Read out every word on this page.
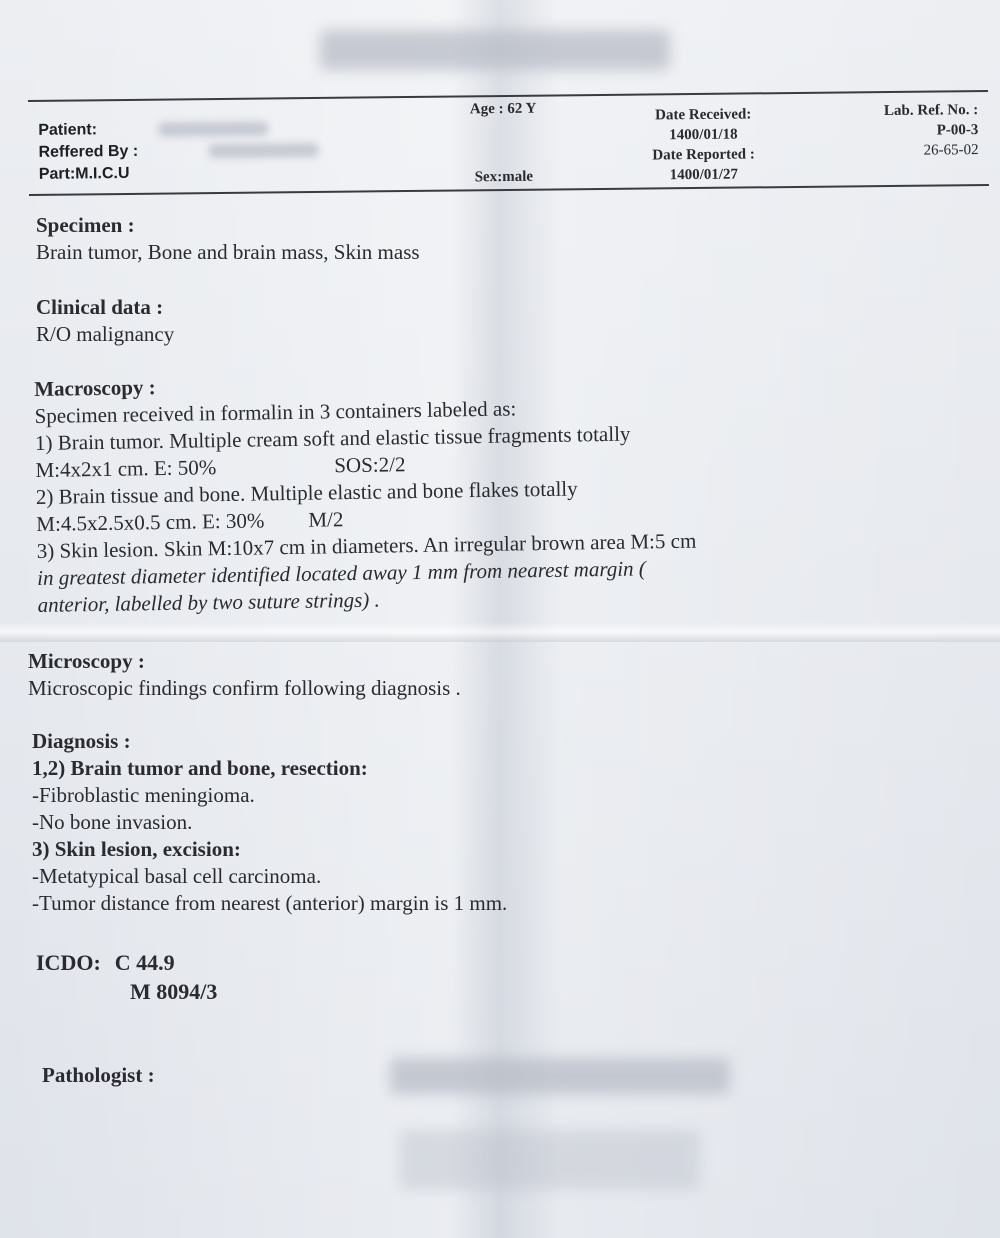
Patient:
Reffered By :
Part:M.I.C.U
Age : 62 Y
Sex:male
Date Received:
1400/01/18
Date Reported :
1400/01/27
Lab. Ref. No. :
P-00-3
26-65-02
Specimen :
Brain tumor, Bone and brain mass, Skin mass
Clinical data :
R/O malignancy
Macroscopy :
Specimen received in formalin in 3 containers labeled as:
1) Brain tumor. Multiple cream soft and elastic tissue fragments totally
M:4x2x1 cm. E: 50%	SOS:2/2
2) Brain tissue and bone. Multiple elastic and bone flakes totally
M:4.5x2.5x0.5 cm. E: 30% M/2
3) Skin lesion. Skin M:10x7 cm in diameters. An irregular brown area M:5 cm
in greatest diameter identified located away 1 mm from nearest margin (
anterior, labelled by two suture strings) .
Microscopy :
Microscopic findings confirm following diagnosis .
Diagnosis :
1,2) Brain tumor and bone, resection:
-Fibroblastic meningioma.
-No bone invasion.
3) Skin lesion, excision:
-Metatypical basal cell carcinoma.
-Tumor distance from nearest (anterior) margin is 1 mm.
ICDO: C 44.9
M 8094/3
Pathologist :
